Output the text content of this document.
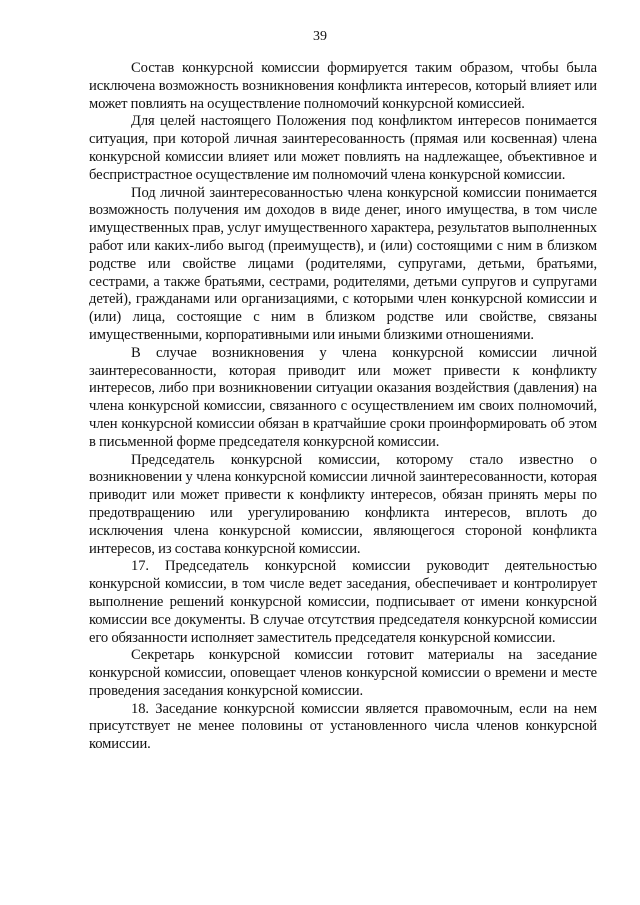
39

Состав конкурсной комиссии формируется таким образом, чтобы была исключена возможность возникновения конфликта интересов, который влияет или может повлиять на осуществление полномочий конкурсной комиссией.

Для целей настоящего Положения под конфликтом интересов понимается ситуация, при которой личная заинтересованность (прямая или косвенная) члена конкурсной комиссии влияет или может повлиять на надлежащее, объективное и беспристрастное осуществление им полномочий члена конкурсной комиссии.

Под личной заинтересованностью члена конкурсной комиссии понимается возможность получения им доходов в виде денег, иного имущества, в том числе имущественных прав, услуг имущественного характера, результатов выполненных работ или каких-либо выгод (преимуществ), и (или) состоящими с ним в близком родстве или свойстве лицами (родителями, супругами, детьми, братьями, сестрами, а также братьями, сестрами, родителями, детьми супругов и супругами детей), гражданами или организациями, с которыми член конкурсной комиссии и (или) лица, состоящие с ним в близком родстве или свойстве, связаны имущественными, корпоративными или иными близкими отношениями.

В случае возникновения у члена конкурсной комиссии личной заинтересованности, которая приводит или может привести к конфликту интересов, либо при возникновении ситуации оказания воздействия (давления) на члена конкурсной комиссии, связанного с осуществлением им своих полномочий, член конкурсной комиссии обязан в кратчайшие сроки проинформировать об этом в письменной форме председателя конкурсной комиссии.

Председатель конкурсной комиссии, которому стало известно о возникновении у члена конкурсной комиссии личной заинтересованности, которая приводит или может привести к конфликту интересов, обязан принять меры по предотвращению или урегулированию конфликта интересов, вплоть до исключения члена конкурсной комиссии, являющегося стороной конфликта интересов, из состава конкурсной комиссии.

17. Председатель конкурсной комиссии руководит деятельностью конкурсной комиссии, в том числе ведет заседания, обеспечивает и контролирует выполнение решений конкурсной комиссии, подписывает от имени конкурсной комиссии все документы. В случае отсутствия председателя конкурсной комиссии его обязанности исполняет заместитель председателя конкурсной комиссии.

Секретарь конкурсной комиссии готовит материалы на заседание конкурсной комиссии, оповещает членов конкурсной комиссии о времени и месте проведения заседания конкурсной комиссии.

18. Заседание конкурсной комиссии является правомочным, если на нем присутствует не менее половины от установленного числа членов конкурсной комиссии.
